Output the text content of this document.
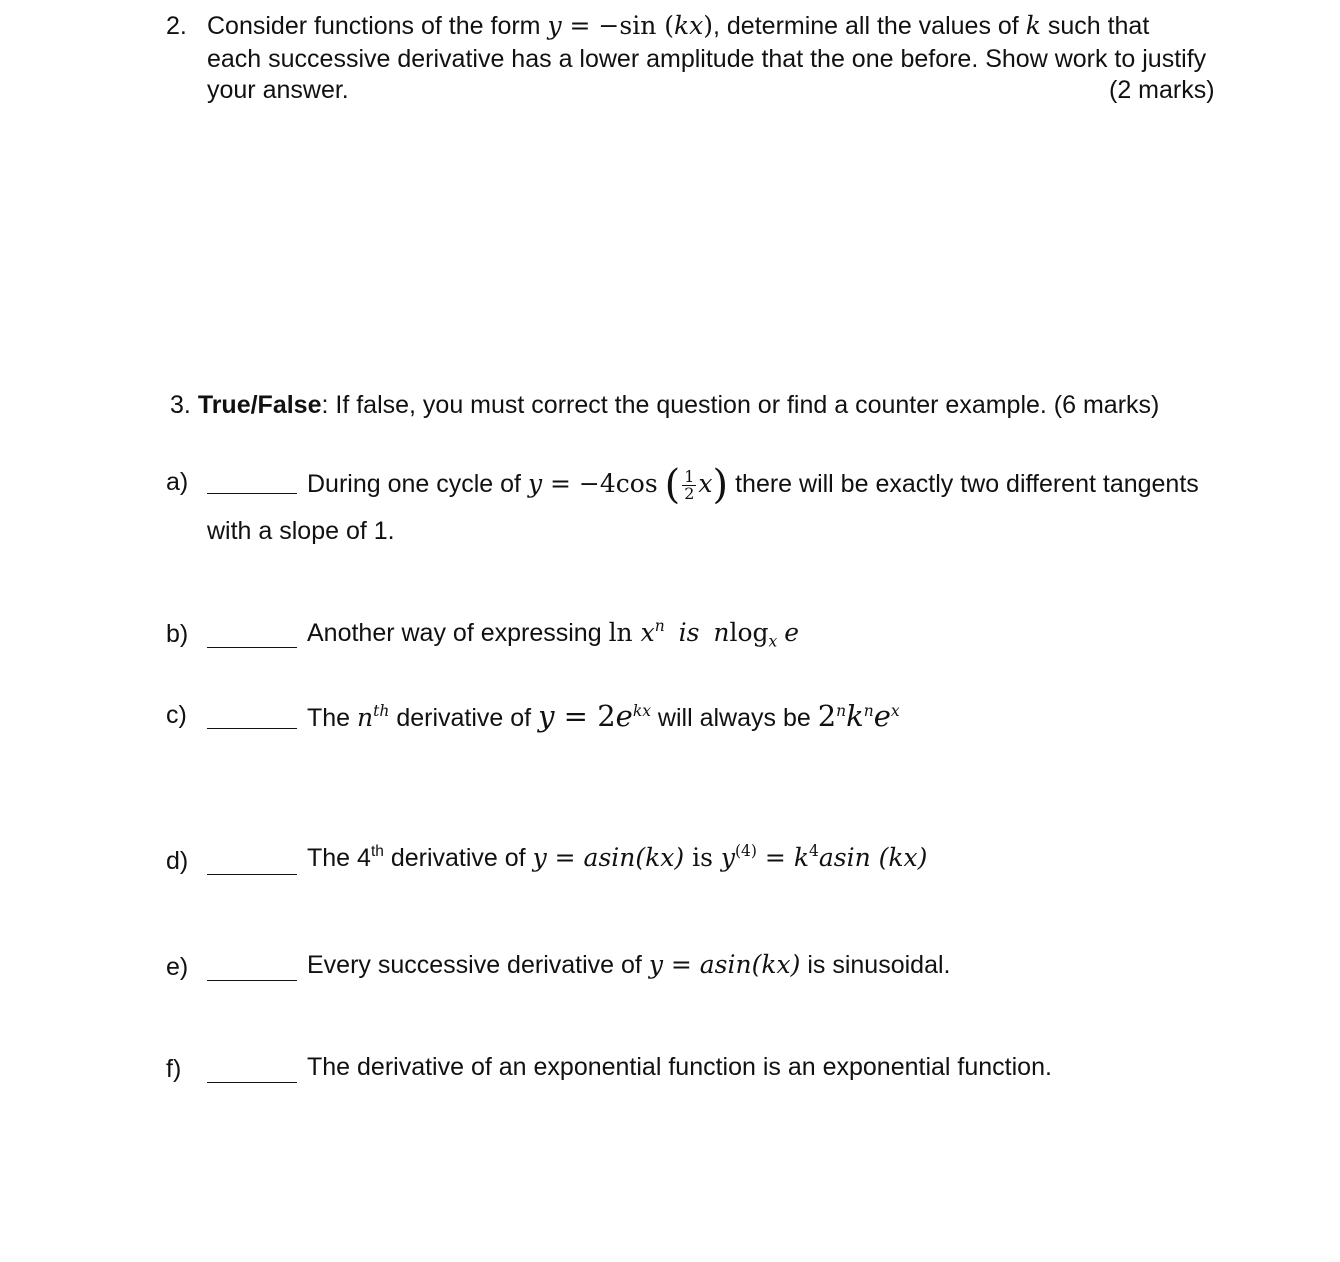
2. Consider functions of the form y = −sin (kx), determine all the values of k such that
each successive derivative has a lower amplitude that the one before. Show work to justify
your answer.	(2 marks)
3. True/False: If false, you must correct the question or find a counter example. (6 marks)
a)	During one cycle of y = −4cos ( $\frac{1}{2} x$) there will be exactly two different tangents
with a slope of 1.
b)	Another way of expressing $\ln x^n$ is nlog$_x$ e
c)	The $n^{th}$ derivative of $y = 2e^{kx}$ will always be $2^nk^ne^x$
d)	The 4th derivative of y = asin(kx) is $y^{(4)} = k^4asin$ (kx)
e)	Every successive derivative of y = asin(kx) is sinusoidal.
f)	The derivative of an exponential function is an exponential function.
